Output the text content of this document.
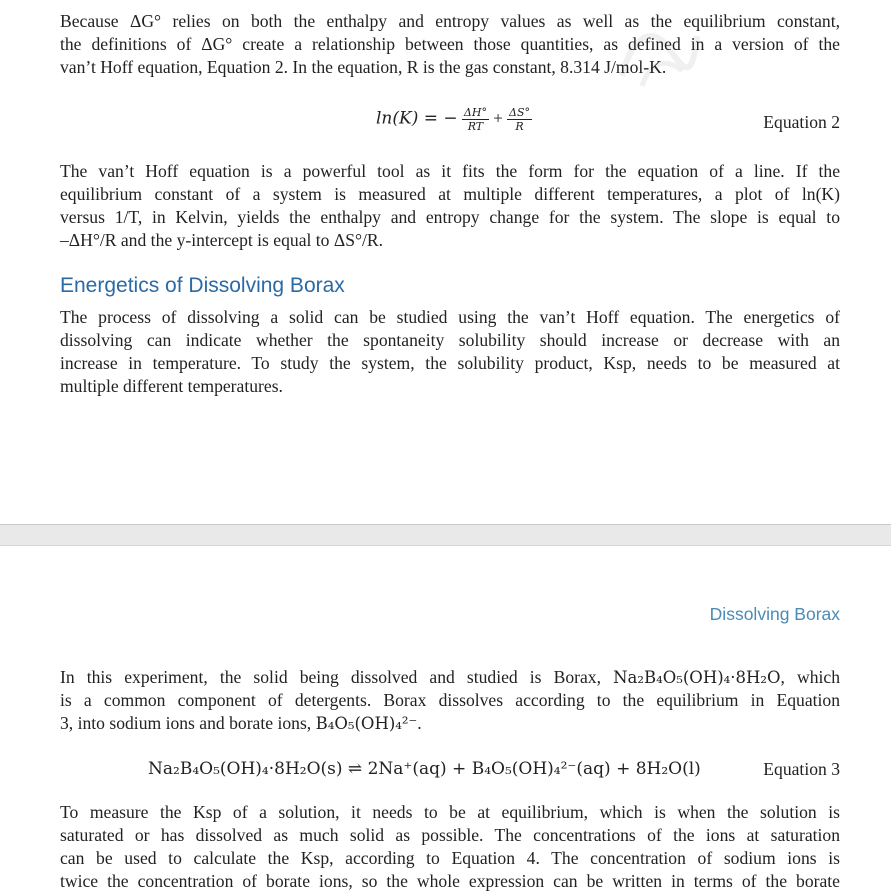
Because ΔG° relies on both the enthalpy and entropy values as well as the equilibrium constant,
the definitions of ΔG° create a relationship between those quantities, as defined in a version of the
van’t Hoff equation, Equation 2. In the equation, R is the gas constant, 8.314 J/mol-K.

ln(K) = − $\frac{\Delta H^\circ}{RT} + \frac{\Delta S^\circ}{R}$	Equation 2

The van’t Hoff equation is a powerful tool as it fits the form for the equation of a line. If the
equilibrium constant of a system is measured at multiple different temperatures, a plot of ln(K)
versus 1/T, in Kelvin, yields the enthalpy and entropy change for the system. The slope is equal to
–ΔH°/R and the y-intercept is equal to ΔS°/R.

Energetics of Dissolving Borax

The process of dissolving a solid can be studied using the van’t Hoff equation. The energetics of
dissolving can indicate whether the spontaneity solubility should increase or decrease with an
increase in temperature. To study the system, the solubility product, Ksp, needs to be measured at
multiple different temperatures.

Dissolving Borax

In this experiment, the solid being dissolved and studied is Borax, Na₂B₄O₅(OH)₄·8H₂O, which
is a common component of detergents. Borax dissolves according to the equilibrium in Equation
3, into sodium ions and borate ions, B₄O₅(OH)₄²⁻.

Na₂B₄O₅(OH)₄·8H₂O(s) ⇌ 2Na⁺(aq) + B₄O₅(OH)₄²⁻(aq) + 8H₂O(l)	Equation 3

To measure the Ksp of a solution, it needs to be at equilibrium, which is when the solution is
saturated or has dissolved as much solid as possible. The concentrations of the ions at saturation
can be used to calculate the Ksp, according to Equation 4. The concentration of sodium ions is
twice the concentration of borate ions, so the whole expression can be written in terms of the borate
